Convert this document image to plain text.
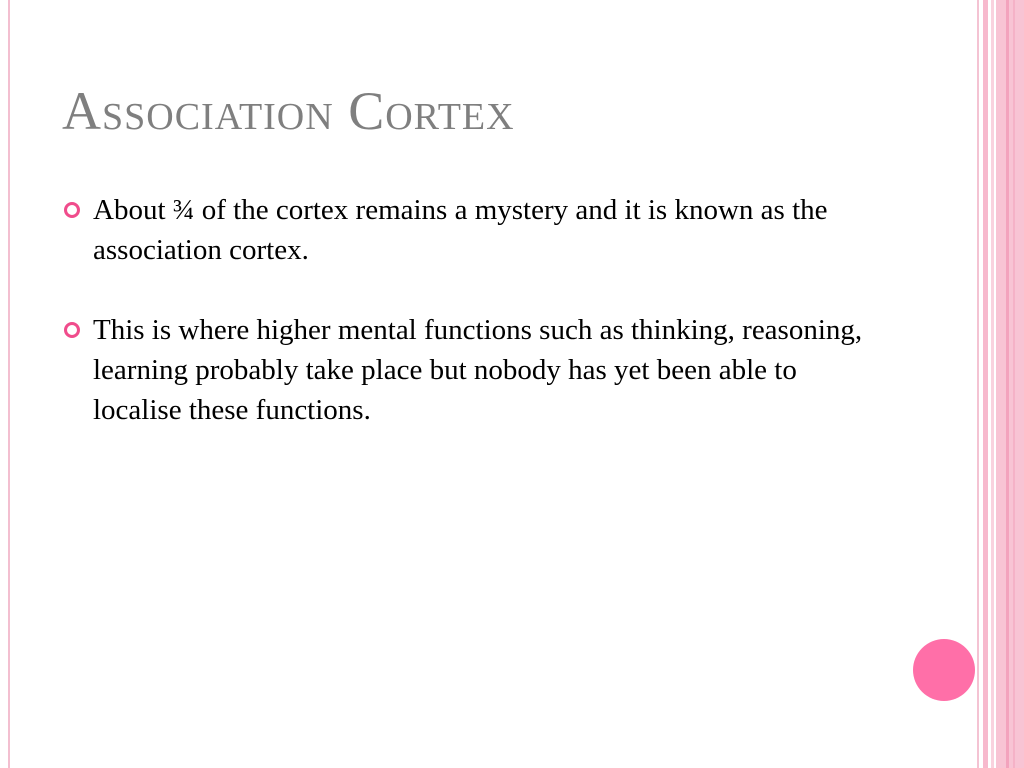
Association Cortex
About ¾ of the cortex remains a mystery and it is known as the association cortex.
This is where higher mental functions such as thinking, reasoning, learning probably take place but nobody has yet been able to localise these functions.
